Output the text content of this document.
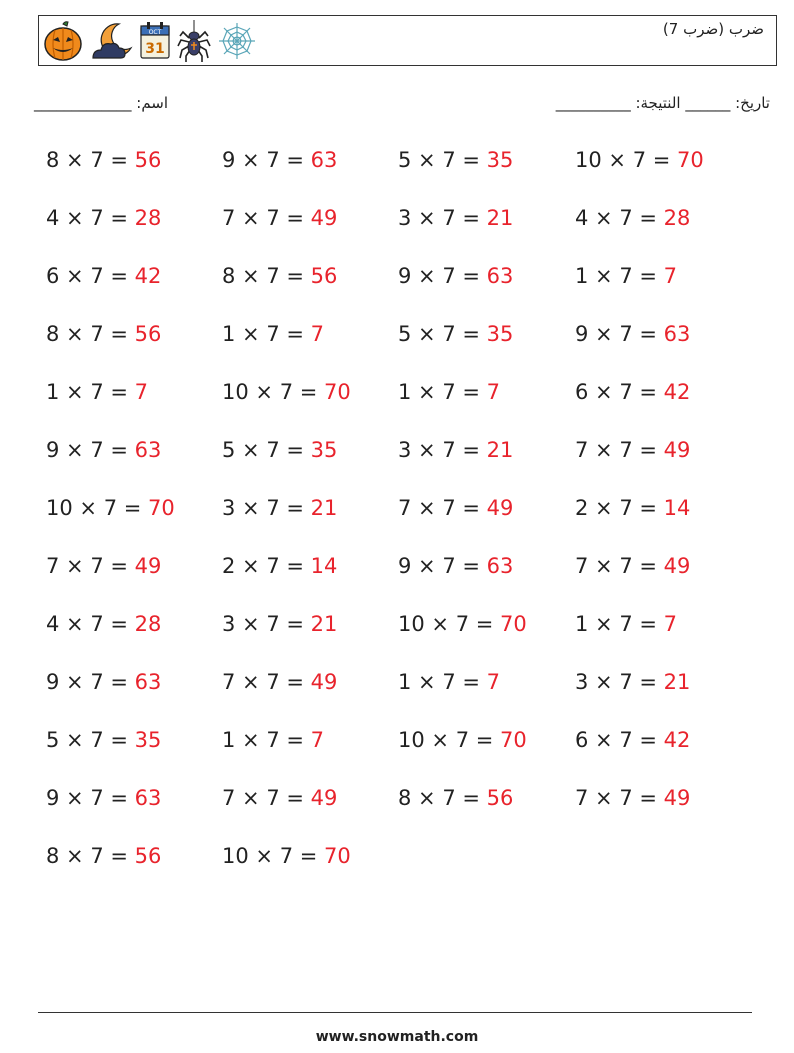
OCT
31
ضرب (ضرب 7)
اسم: _____________	تاريخ: ______ النتيجة: __________
8 × 7 = 56	9 × 7 = 63	5 × 7 = 35	10 × 7 = 70
4 × 7 = 28	7 × 7 = 49	3 × 7 = 21	4 × 7 = 28
6 × 7 = 42	8 × 7 = 56	9 × 7 = 63	1 × 7 = 7
8 × 7 = 56	1 × 7 = 7	5 × 7 = 35	9 × 7 = 63
1 × 7 = 7	10 × 7 = 70 1 × 7 = 7	6 × 7 = 42
9 × 7 = 63	5 × 7 = 35	3 × 7 = 21	7 × 7 = 49
10 × 7 = 70 3 × 7 = 21	7 × 7 = 49	2 × 7 = 14
7 × 7 = 49	2 × 7 = 14	9 × 7 = 63	7 × 7 = 49
4 × 7 = 28	3 × 7 = 21	10 × 7 = 70 1 × 7 = 7
9 × 7 = 63	7 × 7 = 49	1 × 7 = 7	3 × 7 = 21
5 × 7 = 35	1 × 7 = 7	10 × 7 = 70 6 × 7 = 42
9 × 7 = 63	7 × 7 = 49	8 × 7 = 56	7 × 7 = 49
8 × 7 = 56	10 × 7 = 70
www.snowmath.com
